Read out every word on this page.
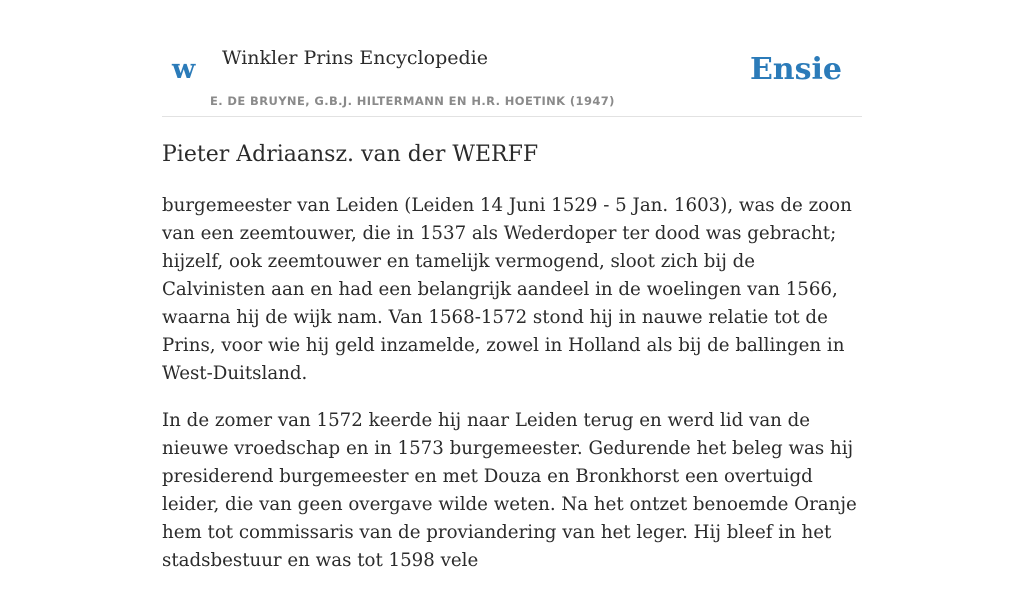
w Winkler Prins Encyclopedie
E. DE BRUYNE, G.B.J. HILTERMANN EN H.R. HOETINK (1947)
Ensie
Pieter Adriaansz. van der WERFF

burgemeester van Leiden (Leiden 14 Juni 1529 - 5 Jan. 1603), was de zoon van een zeemtouwer, die in 1537 als Wederdoper ter dood was gebracht; hijzelf, ook zeemtouwer en tamelijk vermogend, sloot zich bij de Calvinisten aan en had een belangrijk aandeel in de woelingen van 1566, waarna hij de wijk nam. Van 1568-1572 stond hij in nauwe relatie tot de Prins, voor wie hij geld inzamelde, zowel in Holland als bij de ballingen in West-Duitsland.

In de zomer van 1572 keerde hij naar Leiden terug en werd lid van de nieuwe vroedschap en in 1573 burgemeester. Gedurende het beleg was hij presiderend burgemeester en met Douza en Bronkhorst een overtuigd leider, die van geen overgave wilde weten. Na het ontzet benoemde Oranje hem tot commissaris van de proviandering van het leger. Hij bleef in het stadsbestuur en was tot 1598 vele
